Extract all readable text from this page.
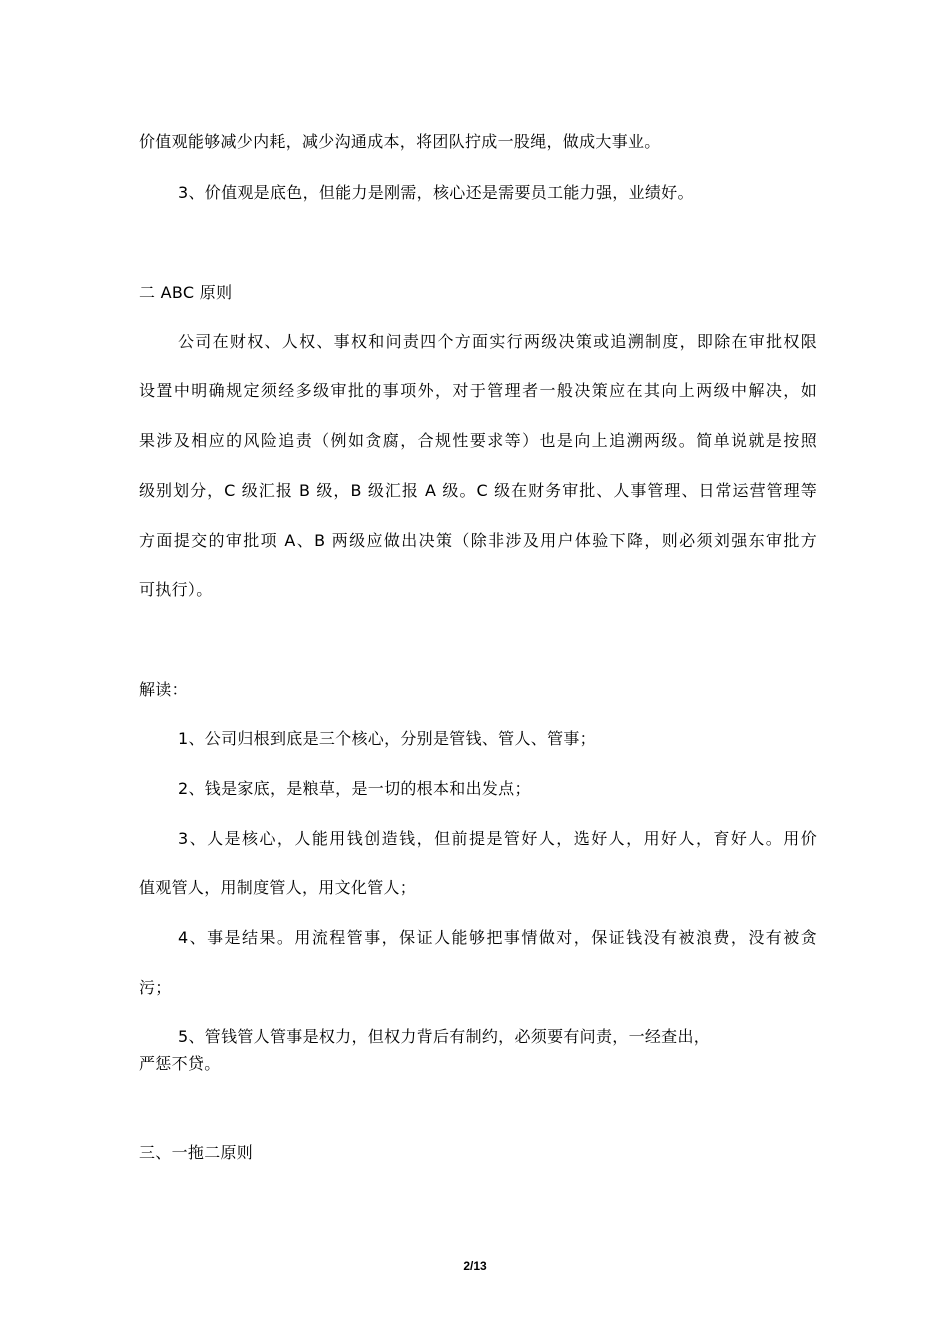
价值观能够减少内耗，减少沟通成本，将团队拧成一股绳，做成大事业。
3、价值观是底色，但能力是刚需，核心还是需要员工能力强，业绩好。
二 ABC 原则
公司在财权、人权、事权和问责四个方面实行两级决策或追溯制度，即除在审批权限
设置中明确规定须经多级审批的事项外，对于管理者一般决策应在其向上两级中解决，如
果涉及相应的风险追责（例如贪腐，合规性要求等）也是向上追溯两级。简单说就是按照
级别划分，C 级汇报 B 级，B 级汇报 A 级。C 级在财务审批、人事管理、日常运营管理等
方面提交的审批项 A、B 两级应做出决策（除非涉及用户体验下降，则必须刘强东审批方
可执行）。
解读：
1、公司归根到底是三个核心，分别是管钱、管人、管事；
2、钱是家底，是粮草，是一切的根本和出发点；
3、人是核心，人能用钱创造钱，但前提是管好人，选好人，用好人，育好人。用价
值观管人，用制度管人，用文化管人；
4、事是结果。用流程管事，保证人能够把事情做对，保证钱没有被浪费，没有被贪
污；
5、管钱管人管事是权力，但权力背后有制约，必须要有问责，一经查出，
严惩不贷。
三、一拖二原则
2/13
